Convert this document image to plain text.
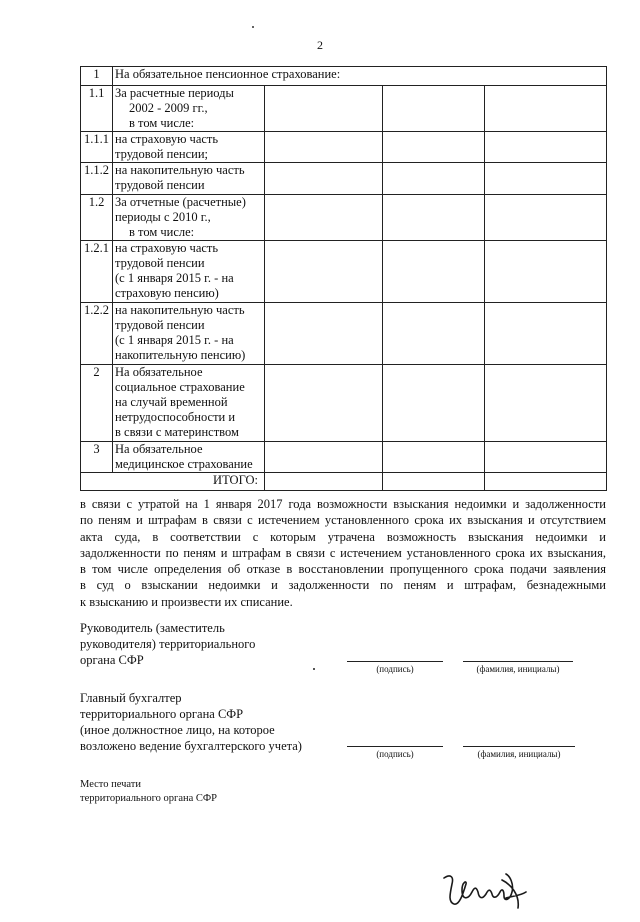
2
1	На обязательное пенсионное страхование:			

1.1	За расчетные периоды
2002 - 2009 гг.,
в том числе:			

1.1.1	на страховую часть
трудовой пенсии;			

1.1.2	на накопительную часть
трудовой пенсии			

1.2	За отчетные (расчетные)
периоды с 2010 г.,
в том числе:			

1.2.1	на страховую часть
трудовой пенсии
(с 1 января 2015 г. - на
страховую пенсию)			

1.2.2	на накопительную часть
трудовой пенсии
(с 1 января 2015 г. - на
накопительную пенсию)			

2	На обязательное
социальное страхование
на случай временной
нетрудоспособности и
в связи с материнством			

3	На обязательное
медицинское страхование			

ИТОГО:				
в связи с утратой на 1 января 2017 года возможности взыскания недоимки и задолженности
по пеням и штрафам в связи с истечением установленного срока их взыскания и отсутствием
акта суда, в соответствии с которым утрачена возможность взыскания недоимки и
задолженности по пеням и штрафам в связи с истечением установленного срока их взыскания,
в том числе определения об отказе в восстановлении пропущенного срока подачи заявления
в суд о взыскании недоимки и задолженности по пеням и штрафам, безнадежными
к взысканию и произвести их списание.
Руководитель (заместитель
руководителя) территориального
органа СФР
(подпись)	(фамилия, инициалы)
Главный бухгалтер
территориального органа СФР
(иное должностное лицо, на которое
возложено ведение бухгалтерского учета)
(подпись)	(фамилия, инициалы)
Место печати
территориального органа СФР
